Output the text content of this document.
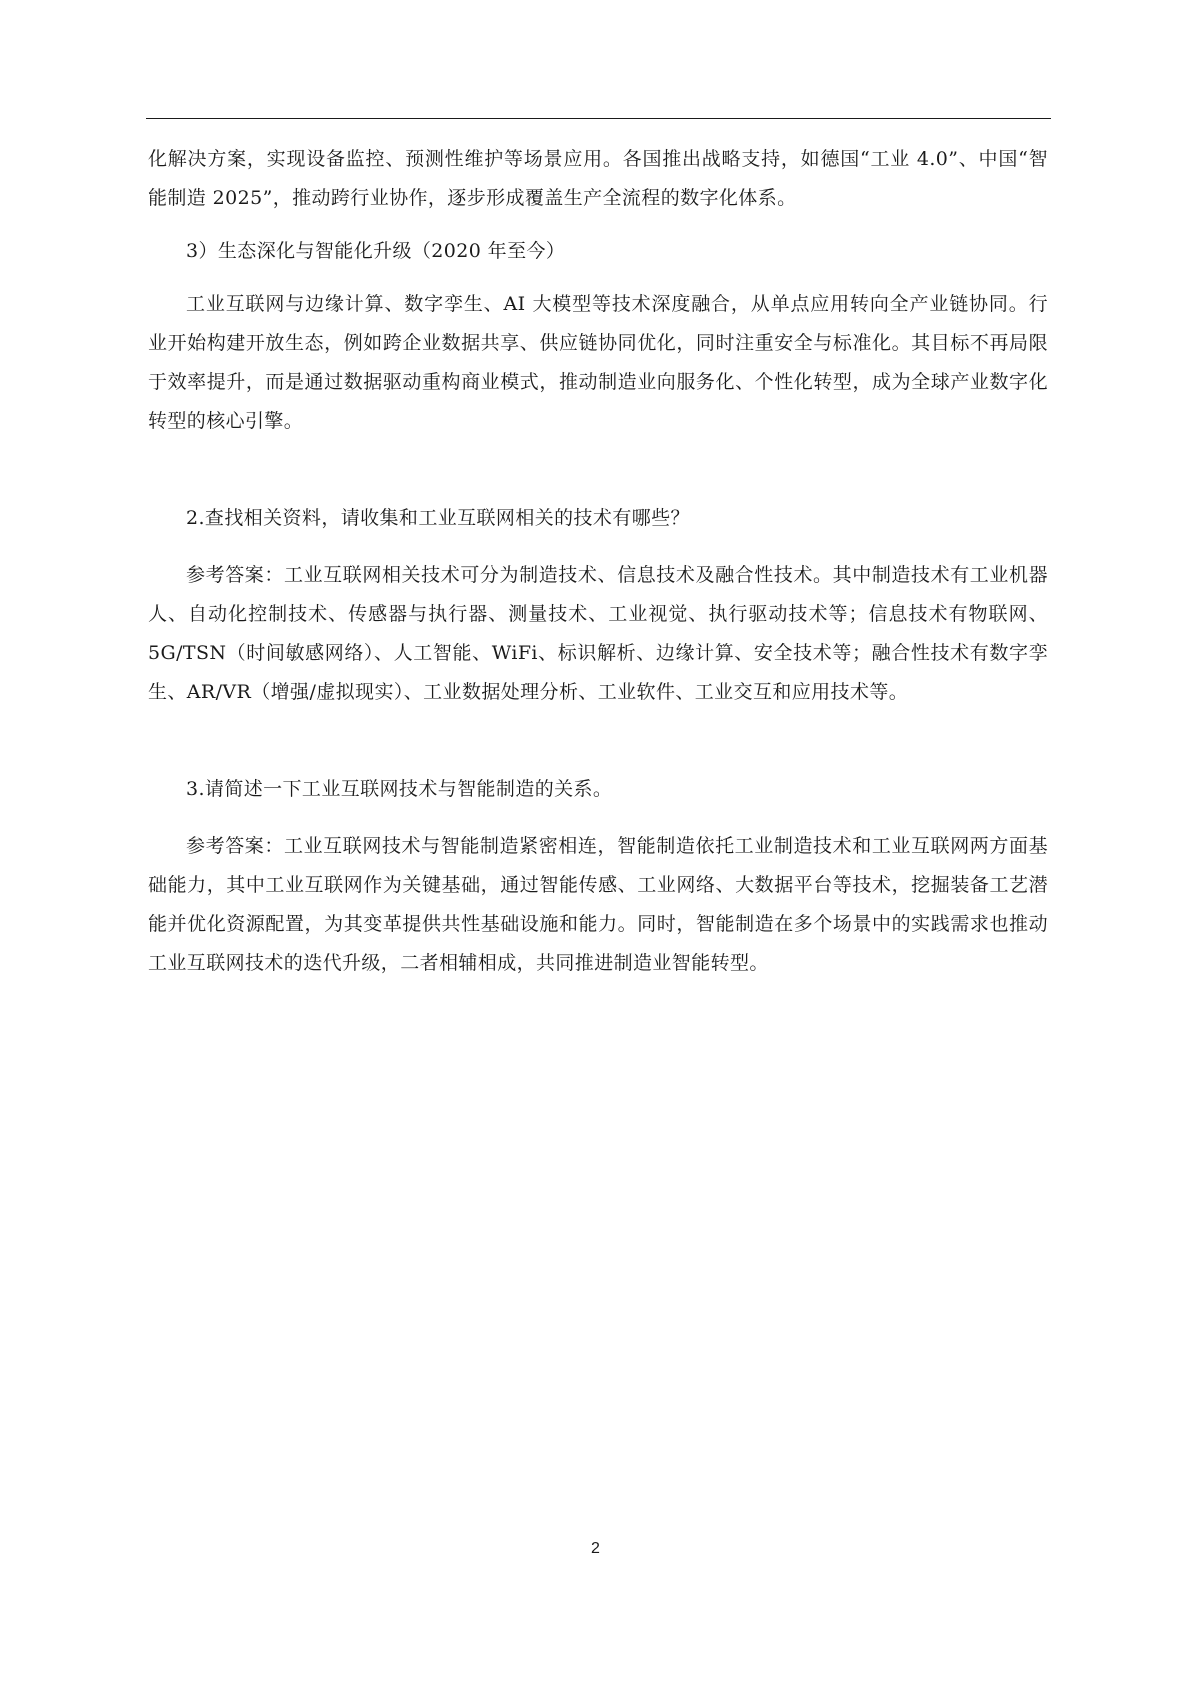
化解决方案，实现设备监控、预测性维护等场景应用。各国推出战略支持，如德国“工业 4.0”、中国“智能制造 2025”，推动跨行业协作，逐步形成覆盖生产全流程的数字化体系。

3）生态深化与智能化升级（2020 年至今）

工业互联网与边缘计算、数字孪生、AI 大模型等技术深度融合，从单点应用转向全产业链协同。行业开始构建开放生态，例如跨企业数据共享、供应链协同优化，同时注重安全与标准化。其目标不再局限于效率提升，而是通过数据驱动重构商业模式，推动制造业向服务化、个性化转型，成为全球产业数字化转型的核心引擎。

2.查找相关资料，请收集和工业互联网相关的技术有哪些？

参考答案：工业互联网相关技术可分为制造技术、信息技术及融合性技术。其中制造技术有工业机器人、自动化控制技术、传感器与执行器、测量技术、工业视觉、执行驱动技术等；信息技术有物联网、 5G/TSN（时间敏感网络）、人工智能、WiFi、标识解析、边缘计算、安全技术等；融合性技术有数字孪生、AR/VR（增强/虚拟现实）、工业数据处理分析、工业软件、工业交互和应用技术等。

3.请简述一下工业互联网技术与智能制造的关系。

参考答案：工业互联网技术与智能制造紧密相连，智能制造依托工业制造技术和工业互联网两方面基础能力，其中工业互联网作为关键基础，通过智能传感、工业网络、大数据平台等技术，挖掘装备工艺潜能并优化资源配置，为其变革提供共性基础设施和能力。同时，智能制造在多个场景中的实践需求也推动工业互联网技术的迭代升级，二者相辅相成，共同推进制造业智能转型。

2
